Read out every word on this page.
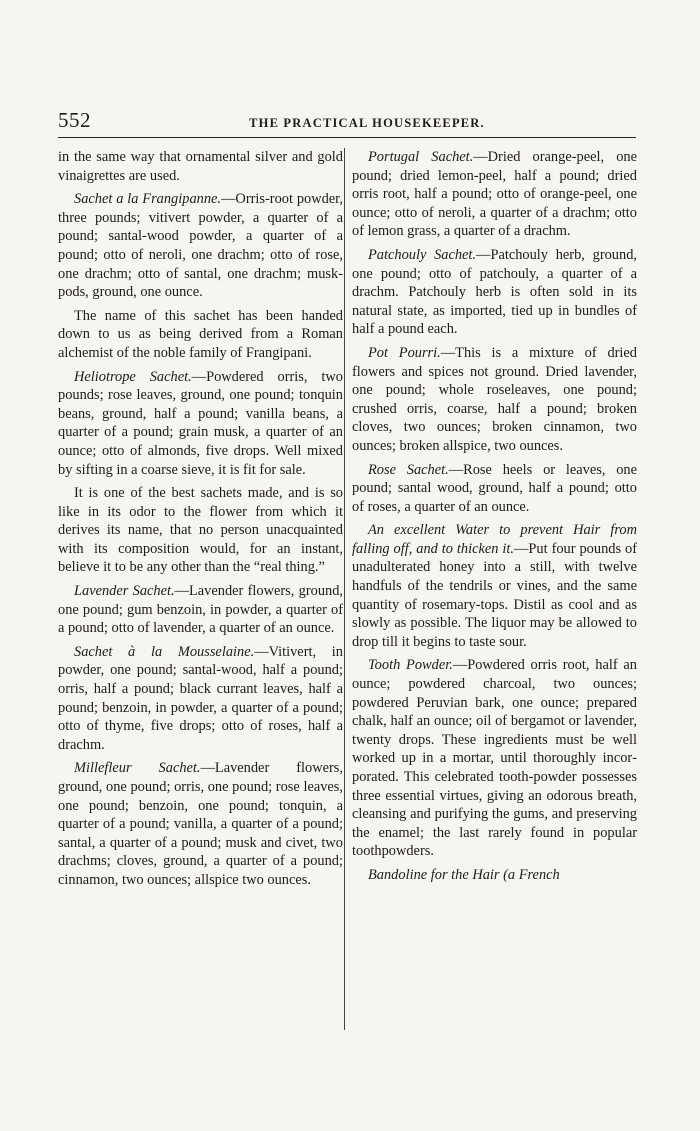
552	THE PRACTICAL HOUSEKEEPER.

in the same way that ornamental silver and gold vinaigrettes are used.

Sachet a la Frangipanne.—Orris-root powder, three pounds; vitivert powder, a quarter of a pound; santal-wood powder, a quarter of a pound; otto of neroli, one drachm; otto of rose, one drachm; otto of santal, one drachm; musk-pods, ground, one ounce.

The name of this sachet has been handed down to us as being derived from a Roman alchemist of the noble family of Frangipani.

Heliotrope Sachet.—Powdered orris, two pounds; rose leaves, ground, one pound; tonquin beans, ground, half a pound; vanilla beans, a quarter of a pound; grain musk, a quarter of an ounce; otto of almonds, five drops. Well mixed by sifting in a coarse sieve, it is fit for sale.

It is one of the best sachets made, and is so like in its odor to the flower from which it derives its name, that no person unacquainted with its composition would, for an instant, believe it to be any other than the “real thing.”

Lavender Sachet.—Lavender flowers, ground, one pound; gum benzoin, in powder, a quarter of a pound; otto of lavender, a quarter of an ounce.

Sachet à la Mousselaine.—Vitivert, in powder, one pound; santal-wood, half a pound; orris, half a pound; black currant leaves, half a pound; benzoin, in powder, a quarter of a pound; otto of thyme, five drops; otto of roses, half a drachm.

Millefleur Sachet.—Lavender flowers, ground, one pound; orris, one pound; rose leaves, one pound; benzoin, one pound; tonquin, a quarter of a pound; vanilla, a quarter of a pound; santal, a quarter of a pound; musk and civet, two drachms; cloves, ground, a quarter of a pound; cinnamon, two ounces; allspice two ounces.

Portugal Sachet.—Dried orange-peel, one pound; dried lemon-peel, half a pound; dried orris root, half a pound; otto of orange-peel, one ounce; otto of neroli, a quarter of a drachm; otto of lemon grass, a quarter of a drachm.

Patchouly Sachet.—Patchouly herb, ground, one pound; otto of patchouly, a quarter of a drachm. Patchouly herb is often sold in its natural state, as imported, tied up in bundles of half a pound each.

Pot Pourri.—This is a mixture of dried flowers and spices not ground. Dried lavender, one pound; whole roseleaves, one pound; crushed orris, coarse, half a pound; broken cloves, two ounces; broken cinnamon, two ounces; broken allspice, two ounces.

Rose Sachet.—Rose heels or leaves, one pound; santal wood, ground, half a pound; otto of roses, a quarter of an ounce.

An excellent Water to prevent Hair from falling off, and to thicken it.—Put four pounds of unadulterated honey into a still, with twelve handfuls of the tendrils or vines, and the same quantity of rosemary-tops. Distil as cool and as slowly as possible. The liquor may be allowed to drop till it begins to taste sour.

Tooth Powder.—Powdered orris root, half an ounce; powdered charcoal, two ounces; powdered Peruvian bark, one ounce; prepared chalk, half an ounce; oil of bergamot or lavender, twenty drops. These ingredients must be well worked up in a mortar, until thoroughly incorporated. This celebrated tooth-powder possesses three essential virtues, giving an odorous breath, cleansing and purifying the gums, and preserving the enamel; the last rarely found in popular toothpowders.

Bandoline for the Hair (a French
